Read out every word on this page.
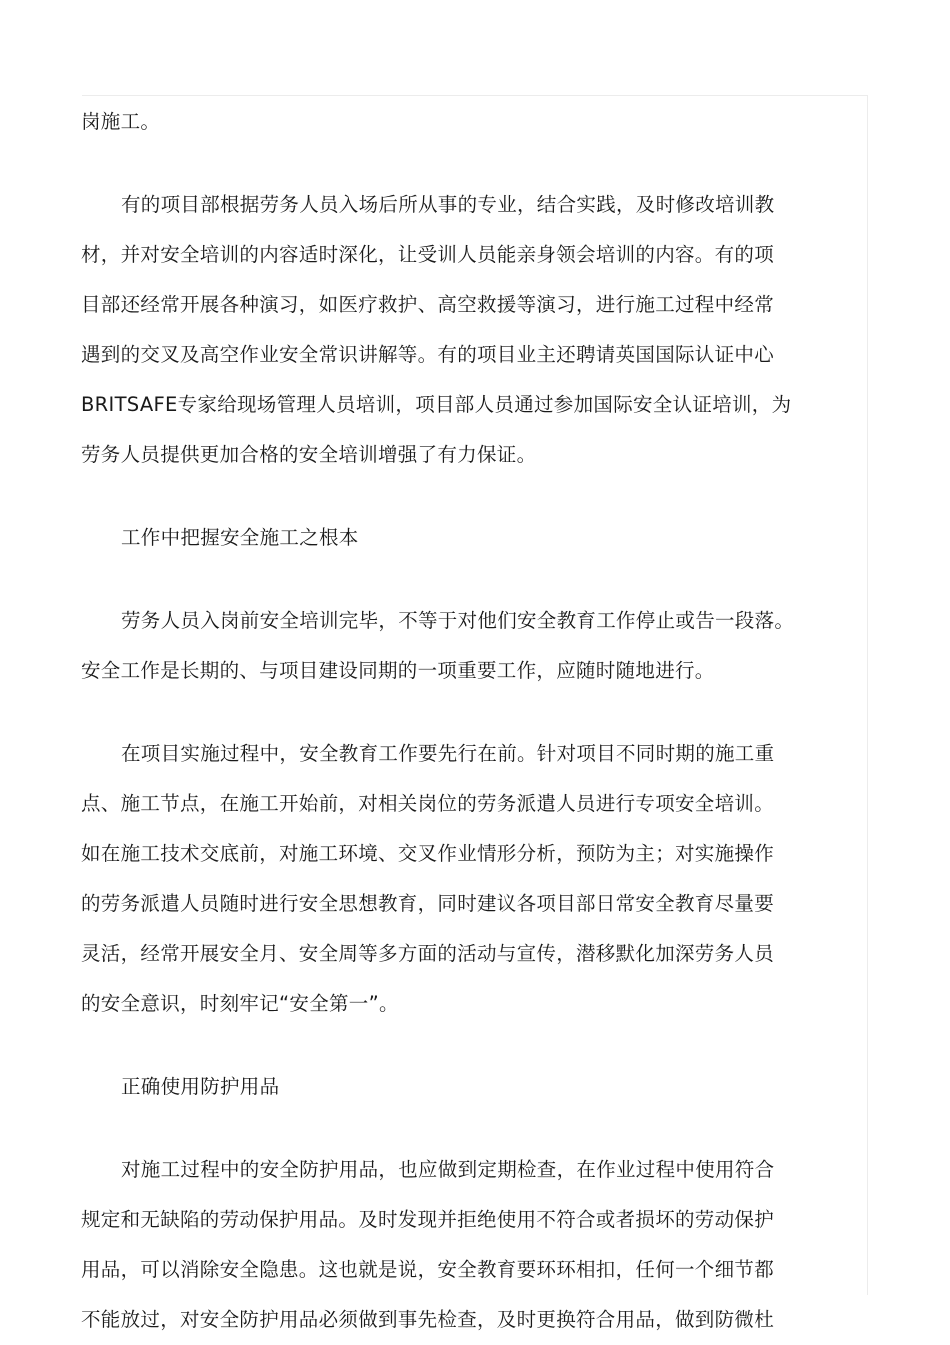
岗施工。
有的项目部根据劳务人员入场后所从事的专业，结合实践，及时修改培训教
材，并对安全培训的内容适时深化，让受训人员能亲身领会培训的内容。有的项
目部还经常开展各种演习，如医疗救护、高空救援等演习，进行施工过程中经常
遇到的交叉及高空作业安全常识讲解等。有的项目业主还聘请英国国际认证中心
BRITSAFE专家给现场管理人员培训，项目部人员通过参加国际安全认证培训，为
劳务人员提供更加合格的安全培训增强了有力保证。
工作中把握安全施工之根本
劳务人员入岗前安全培训完毕，不等于对他们安全教育工作停止或告一段落。
安全工作是长期的、与项目建设同期的一项重要工作，应随时随地进行。
在项目实施过程中，安全教育工作要先行在前。针对项目不同时期的施工重
点、施工节点，在施工开始前，对相关岗位的劳务派遣人员进行专项安全培训。
如在施工技术交底前，对施工环境、交叉作业情形分析，预防为主；对实施操作
的劳务派遣人员随时进行安全思想教育，同时建议各项目部日常安全教育尽量要
灵活，经常开展安全月、安全周等多方面的活动与宣传，潜移默化加深劳务人员
的安全意识，时刻牢记“安全第一”。
正确使用防护用品
对施工过程中的安全防护用品，也应做到定期检查，在作业过程中使用符合
规定和无缺陷的劳动保护用品。及时发现并拒绝使用不符合或者损坏的劳动保护
用品，可以消除安全隐患。这也就是说，安全教育要环环相扣，任何一个细节都
不能放过，对安全防护用品必须做到事先检查，及时更换符合用品，做到防微杜
